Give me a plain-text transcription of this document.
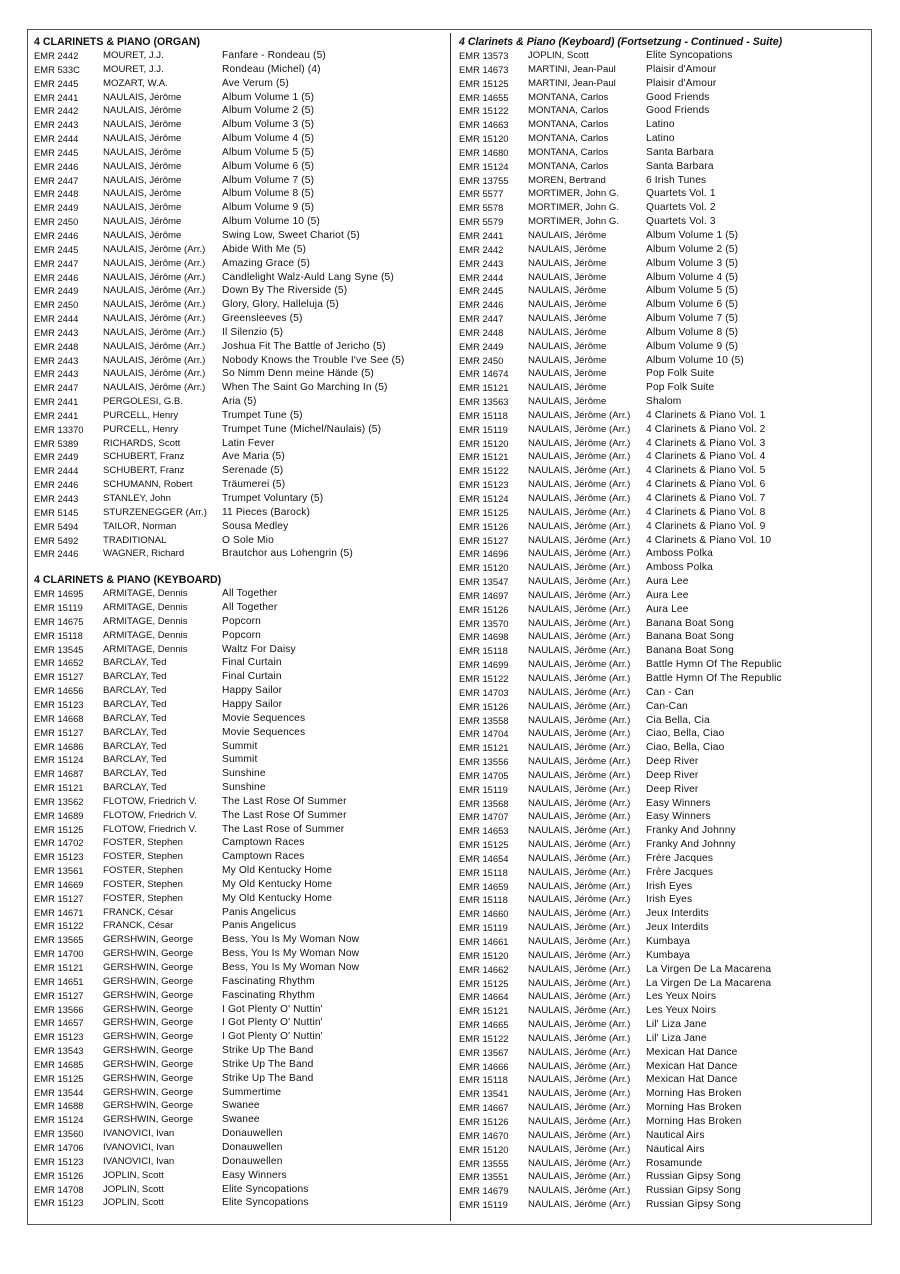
4 CLARINETS & PIANO (ORGAN)
EMR 2442	MOURET, J.J.	Fanfare - Rondeau (5)
EMR 533C MOURET, J.J.	Rondeau (Michel) (4)
EMR 2445	MOZART, W.A.	Ave Verum (5)
EMR 2441	NAULAIS, Jérôme	Album Volume 1 (5)
EMR 2442	NAULAIS, Jérôme	Album Volume 2 (5)
EMR 2443	NAULAIS, Jérôme	Album Volume 3 (5)
EMR 2444	NAULAIS, Jérôme	Album Volume 4 (5)
EMR 2445	NAULAIS, Jérôme	Album Volume 5 (5)
EMR 2446	NAULAIS, Jérôme	Album Volume 6 (5)
EMR 2447	NAULAIS, Jérôme	Album Volume 7 (5)
EMR 2448	NAULAIS, Jérôme	Album Volume 8 (5)
EMR 2449	NAULAIS, Jérôme	Album Volume 9 (5)
EMR 2450	NAULAIS, Jérôme	Album Volume 10 (5)
EMR 2446	NAULAIS, Jérôme	Swing Low, Sweet Chariot (5)
EMR 2445	NAULAIS, Jérôme (Arr.) Abide With Me (5)
EMR 2447	NAULAIS, Jérôme (Arr.) Amazing Grace (5)
EMR 2446	NAULAIS, Jérôme (Arr.) Candlelight Walz-Auld Lang Syne (5)
EMR 2449	NAULAIS, Jérôme (Arr.) Down By The Riverside (5)
EMR 2450	NAULAIS, Jérôme (Arr.) Glory, Glory, Halleluja (5)
EMR 2444	NAULAIS, Jérôme (Arr.) Greensleeves (5)
EMR 2443	NAULAIS, Jérôme (Arr.) Il Silenzio (5)
EMR 2448	NAULAIS, Jérôme (Arr.) Joshua Fit The Battle of Jericho (5)
EMR 2443	NAULAIS, Jérôme (Arr.) Nobody Knows the Trouble I've See (5)
EMR 2443	NAULAIS, Jérôme (Arr.) So Nimm Denn meine Hände (5)
EMR 2447	NAULAIS, Jérôme (Arr.) When The Saint Go Marching In (5)
EMR 2441	PERGOLESI, G.B.	Aria (5)
EMR 2441	PURCELL, Henry	Trumpet Tune (5)
EMR 13370 PURCELL, Henry	Trumpet Tune (Michel/Naulais) (5)
EMR 5389	RICHARDS, Scott	Latin Fever
EMR 2449	SCHUBERT, Franz	Ave Maria (5)
EMR 2444	SCHUBERT, Franz	Serenade (5)
EMR 2446	SCHUMANN, Robert	Träumerei (5)
EMR 2443	STANLEY, John	Trumpet Voluntary (5)
EMR 5145	STURZENEGGER (Arr.) 11 Pieces (Barock)
EMR 5494	TAILOR, Norman	Sousa Medley
EMR 5492	TRADITIONAL	O Sole Mio
EMR 2446	WAGNER, Richard	Brautchor aus Lohengrin (5)
4 CLARINETS & PIANO (KEYBOARD)
EMR 14695 ARMITAGE, Dennis	All Together
EMR 15119 ARMITAGE, Dennis	All Together
EMR 14675 ARMITAGE, Dennis	Popcorn
EMR 15118 ARMITAGE, Dennis	Popcorn
EMR 13545 ARMITAGE, Dennis	Waltz For Daisy
EMR 14652 BARCLAY, Ted	Final Curtain
EMR 15127 BARCLAY, Ted	Final Curtain
EMR 14656 BARCLAY, Ted	Happy Sailor
EMR 15123 BARCLAY, Ted	Happy Sailor
EMR 14668 BARCLAY, Ted	Movie Sequences
EMR 15127 BARCLAY, Ted	Movie Sequences
EMR 14686 BARCLAY, Ted	Summit
EMR 15124 BARCLAY, Ted	Summit
EMR 14687 BARCLAY, Ted	Sunshine
EMR 15121 BARCLAY, Ted	Sunshine
EMR 13562 FLOTOW, Friedrich V. The Last Rose Of Summer
EMR 14689 FLOTOW, Friedrich V. The Last Rose Of Summer
EMR 15125 FLOTOW, Friedrich V. The Last Rose of Summer
EMR 14702 FOSTER, Stephen	Camptown Races
EMR 15123 FOSTER, Stephen	Camptown Races
EMR 13561 FOSTER, Stephen	My Old Kentucky Home
EMR 14669 FOSTER, Stephen	My Old Kentucky Home
EMR 15127 FOSTER, Stephen	My Old Kentucky Home
EMR 14671 FRANCK, César	Panis Angelicus
EMR 15122 FRANCK, César	Panis Angelicus
EMR 13565 GERSHWIN, George	Bess, You Is My Woman Now
EMR 14700 GERSHWIN, George	Bess, You Is My Woman Now
EMR 15121 GERSHWIN, George	Bess, You Is My Woman Now
EMR 14651 GERSHWIN, George	Fascinating Rhythm
EMR 15127 GERSHWIN, George	Fascinating Rhythm
EMR 13566 GERSHWIN, George	I Got Plenty O' Nuttin'
EMR 14657 GERSHWIN, George	I Got Plenty O' Nuttin'
EMR 15123 GERSHWIN, George	I Got Plenty O' Nuttin'
EMR 13543 GERSHWIN, George	Strike Up The Band
EMR 14685 GERSHWIN, George	Strike Up The Band
EMR 15125 GERSHWIN, George	Strike Up The Band
EMR 13544 GERSHWIN, George	Summertime
EMR 14688 GERSHWIN, George	Swanee
EMR 15124 GERSHWIN, George	Swanee
EMR 13560 IVANOVICI, Ivan	Donauwellen
EMR 14706 IVANOVICI, Ivan	Donauwellen
EMR 15123 IVANOVICI, Ivan	Donauwellen
EMR 15126 JOPLIN, Scott	Easy Winners
EMR 14708 JOPLIN, Scott	Elite Syncopations
EMR 15123 JOPLIN, Scott	Elite Syncopations
4 Clarinets & Piano (Keyboard) (Fortsetzung - Continued - Suite)
EMR 13573 JOPLIN, Scott	Elite Syncopations
EMR 14673 MARTINI, Jean-Paul	Plaisir d'Amour
EMR 15125 MARTINI, Jean-Paul	Plaisir d'Amour
EMR 14655 MONTANA, Carlos	Good Friends
EMR 15122 MONTANA, Carlos	Good Friends
EMR 14663 MONTANA, Carlos	Latino
EMR 15120 MONTANA, Carlos	Latino
EMR 14680 MONTANA, Carlos	Santa Barbara
EMR 15124 MONTANA, Carlos	Santa Barbara
EMR 13755 MOREN, Bertrand	6 Irish Tunes
EMR 5577	MORTIMER, John G.	Quartets Vol. 1
EMR 5578	MORTIMER, John G.	Quartets Vol. 2
EMR 5579	MORTIMER, John G.	Quartets Vol. 3
EMR 2441	NAULAIS, Jérôme	Album Volume 1 (5)
EMR 2442	NAULAIS, Jérôme	Album Volume 2 (5)
EMR 2443	NAULAIS, Jérôme	Album Volume 3 (5)
EMR 2444	NAULAIS, Jérôme	Album Volume 4 (5)
EMR 2445	NAULAIS, Jérôme	Album Volume 5 (5)
EMR 2446	NAULAIS, Jérôme	Album Volume 6 (5)
EMR 2447	NAULAIS, Jérôme	Album Volume 7 (5)
EMR 2448	NAULAIS, Jérôme	Album Volume 8 (5)
EMR 2449	NAULAIS, Jérôme	Album Volume 9 (5)
EMR 2450	NAULAIS, Jérôme	Album Volume 10 (5)
EMR 14674 NAULAIS, Jérôme	Pop Folk Suite
EMR 15121 NAULAIS, Jérôme	Pop Folk Suite
EMR 13563 NAULAIS, Jérôme	Shalom
EMR 15118 NAULAIS, Jérôme (Arr.) 4 Clarinets & Piano Vol. 1
EMR 15119 NAULAIS, Jérôme (Arr.) 4 Clarinets & Piano Vol. 2
EMR 15120 NAULAIS, Jérôme (Arr.) 4 Clarinets & Piano Vol. 3
EMR 15121 NAULAIS, Jérôme (Arr.) 4 Clarinets & Piano Vol. 4
EMR 15122 NAULAIS, Jérôme (Arr.) 4 Clarinets & Piano Vol. 5
EMR 15123 NAULAIS, Jérôme (Arr.) 4 Clarinets & Piano Vol. 6
EMR 15124 NAULAIS, Jérôme (Arr.) 4 Clarinets & Piano Vol. 7
EMR 15125 NAULAIS, Jérôme (Arr.) 4 Clarinets & Piano Vol. 8
EMR 15126 NAULAIS, Jérôme (Arr.) 4 Clarinets & Piano Vol. 9
EMR 15127 NAULAIS, Jérôme (Arr.) 4 Clarinets & Piano Vol. 10
EMR 14696 NAULAIS, Jérôme (Arr.) Amboss Polka
EMR 15120 NAULAIS, Jérôme (Arr.) Amboss Polka
EMR 13547 NAULAIS, Jérôme (Arr.) Aura Lee
EMR 14697 NAULAIS, Jérôme (Arr.) Aura Lee
EMR 15126 NAULAIS, Jérôme (Arr.) Aura Lee
EMR 13570 NAULAIS, Jérôme (Arr.) Banana Boat Song
EMR 14698 NAULAIS, Jérôme (Arr.) Banana Boat Song
EMR 15118 NAULAIS, Jérôme (Arr.) Banana Boat Song
EMR 14699 NAULAIS, Jérôme (Arr.) Battle Hymn Of The Republic
EMR 15122 NAULAIS, Jérôme (Arr.) Battle Hymn Of The Republic
EMR 14703 NAULAIS, Jérôme (Arr.) Can - Can
EMR 15126 NAULAIS, Jérôme (Arr.) Can-Can
EMR 13558 NAULAIS, Jérôme (Arr.) Cia Bella, Cia
EMR 14704 NAULAIS, Jérôme (Arr.) Ciao, Bella, Ciao
EMR 15121 NAULAIS, Jérôme (Arr.) Ciao, Bella, Ciao
EMR 13556 NAULAIS, Jérôme (Arr.) Deep River
EMR 14705 NAULAIS, Jérôme (Arr.) Deep River
EMR 15119 NAULAIS, Jérôme (Arr.) Deep River
EMR 13568 NAULAIS, Jérôme (Arr.) Easy Winners
EMR 14707 NAULAIS, Jérôme (Arr.) Easy Winners
EMR 14653 NAULAIS, Jérôme (Arr.) Franky And Johnny
EMR 15125 NAULAIS, Jérôme (Arr.) Franky And Johnny
EMR 14654 NAULAIS, Jérôme (Arr.) Frère Jacques
EMR 15118 NAULAIS, Jérôme (Arr.) Frère Jacques
EMR 14659 NAULAIS, Jérôme (Arr.) Irish Eyes
EMR 15118 NAULAIS, Jérôme (Arr.) Irish Eyes
EMR 14660 NAULAIS, Jérôme (Arr.) Jeux Interdits
EMR 15119 NAULAIS, Jérôme (Arr.) Jeux Interdits
EMR 14661 NAULAIS, Jérôme (Arr.) Kumbaya
EMR 15120 NAULAIS, Jérôme (Arr.) Kumbaya
EMR 14662 NAULAIS, Jérôme (Arr.) La Virgen De La Macarena
EMR 15125 NAULAIS, Jérôme (Arr.) La Virgen De La Macarena
EMR 14664 NAULAIS, Jérôme (Arr.) Les Yeux Noirs
EMR 15121 NAULAIS, Jérôme (Arr.) Les Yeux Noirs
EMR 14665 NAULAIS, Jérôme (Arr.) Lil' Liza Jane
EMR 15122 NAULAIS, Jérôme (Arr.) Lil' Liza Jane
EMR 13567 NAULAIS, Jérôme (Arr.) Mexican Hat Dance
EMR 14666 NAULAIS, Jérôme (Arr.) Mexican Hat Dance
EMR 15118 NAULAIS, Jérôme (Arr.) Mexican Hat Dance
EMR 13541 NAULAIS, Jérôme (Arr.) Morning Has Broken
EMR 14667 NAULAIS, Jérôme (Arr.) Morning Has Broken
EMR 15126 NAULAIS, Jérôme (Arr.) Morning Has Broken
EMR 14670 NAULAIS, Jérôme (Arr.) Nautical Airs
EMR 15120 NAULAIS, Jérôme (Arr.) Nautical Airs
EMR 13555 NAULAIS, Jérôme (Arr.) Rosamunde
EMR 13551 NAULAIS, Jérôme (Arr.) Russian Gipsy Song
EMR 14679 NAULAIS, Jérôme (Arr.) Russian Gipsy Song
EMR 15119 NAULAIS, Jérôme (Arr.) Russian Gipsy Song
